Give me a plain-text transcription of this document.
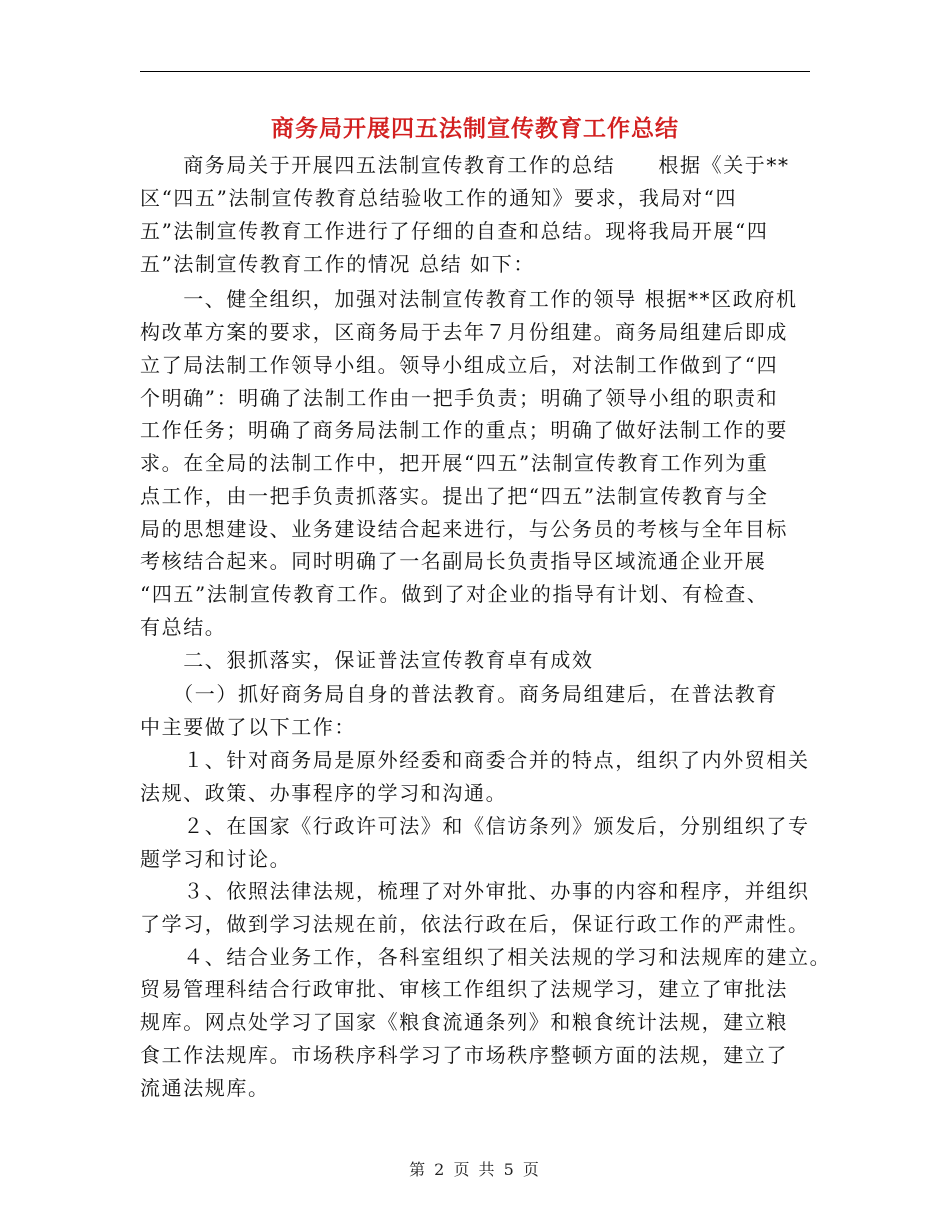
商务局开展四五法制宣传教育工作总结
　　商务局关于开展四五法制宣传教育工作的总结　　根据《关于**
区“四五”法制宣传教育总结验收工作的通知》要求，我局对“四
五”法制宣传教育工作进行了仔细的自查和总结。现将我局开展“四
五”法制宣传教育工作的情况 总结 如下：
　　一、健全组织，加强对法制宣传教育工作的领导 根据**区政府机
构改革方案的要求，区商务局于去年７月份组建。商务局组建后即成
立了局法制工作领导小组。领导小组成立后，对法制工作做到了“四
个明确”：明确了法制工作由一把手负责；明确了领导小组的职责和
工作任务；明确了商务局法制工作的重点；明确了做好法制工作的要
求。在全局的法制工作中，把开展“四五”法制宣传教育工作列为重
点工作，由一把手负责抓落实。提出了把“四五”法制宣传教育与全
局的思想建设、业务建设结合起来进行，与公务员的考核与全年目标
考核结合起来。同时明确了一名副局长负责指导区域流通企业开展
“四五”法制宣传教育工作。做到了对企业的指导有计划、有检查、
有总结。
　　二、狠抓落实，保证普法宣传教育卓有成效
　　（一）抓好商务局自身的普法教育。商务局组建后，在普法教育
中主要做了以下工作：
　　１、针对商务局是原外经委和商委合并的特点，组织了内外贸相关
法规、政策、办事程序的学习和沟通。
　　２、在国家《行政许可法》和《信访条列》颁发后，分别组织了专
题学习和讨论。
　　３、依照法律法规，梳理了对外审批、办事的内容和程序，并组织
了学习，做到学习法规在前，依法行政在后，保证行政工作的严肃性。
　　４、结合业务工作，各科室组织了相关法规的学习和法规库的建立。
贸易管理科结合行政审批、审核工作组织了法规学习，建立了审批法
规库。网点处学习了国家《粮食流通条列》和粮食统计法规，建立粮
食工作法规库。市场秩序科学习了市场秩序整顿方面的法规，建立了
流通法规库。
第 2 页 共 5 页
